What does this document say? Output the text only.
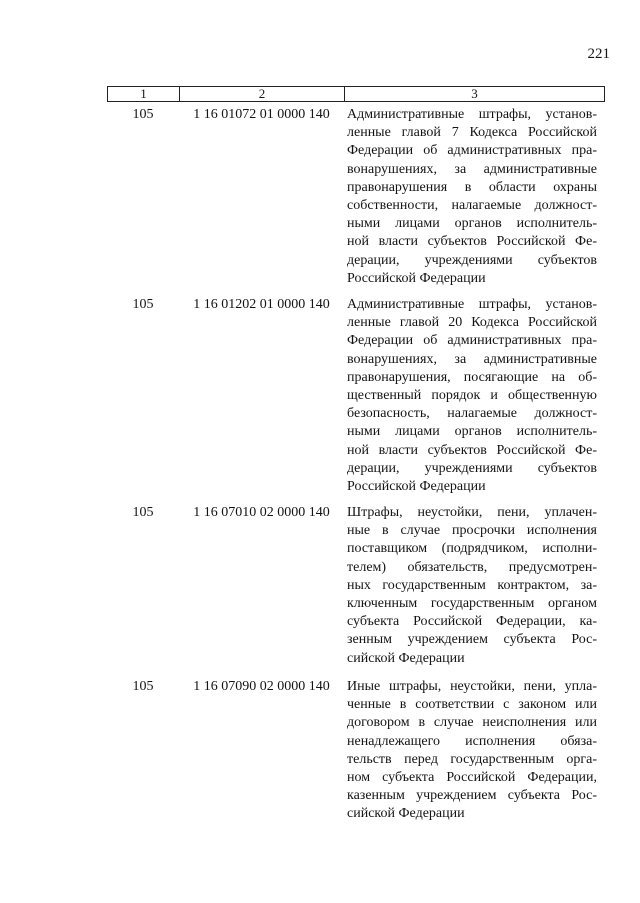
221
1	2	3
105	1 16 01072 01 0000 140	Административные штрафы, установ-
ленные главой 7 Кодекса Российской
Федерации об административных пра-
вонарушениях, за административные
правонарушения в области охраны
собственности, налагаемые должност-
ными лицами органов исполнитель-
ной власти субъектов Российской Фе-
дерации, учреждениями субъектов
Российской Федерации
105	1 16 01202 01 0000 140	Административные штрафы, установ-
ленные главой 20 Кодекса Российской
Федерации об административных пра-
вонарушениях, за административные
правонарушения, посягающие на об-
щественный порядок и общественную
безопасность, налагаемые должност-
ными лицами органов исполнитель-
ной власти субъектов Российской Фе-
дерации, учреждениями субъектов
Российской Федерации
105	1 16 07010 02 0000 140	Штрафы, неустойки, пени, уплачен-
ные в случае просрочки исполнения
поставщиком (подрядчиком, исполни-
телем) обязательств, предусмотрен-
ных государственным контрактом, за-
ключенным государственным органом
субъекта Российской Федерации, ка-
зенным учреждением субъекта Рос-
сийской Федерации
105	1 16 07090 02 0000 140	Иные штрафы, неустойки, пени, упла-
ченные в соответствии с законом или
договором в случае неисполнения или
ненадлежащего исполнения обяза-
тельств перед государственным орга-
ном субъекта Российской Федерации,
казенным учреждением субъекта Рос-
сийской Федерации
